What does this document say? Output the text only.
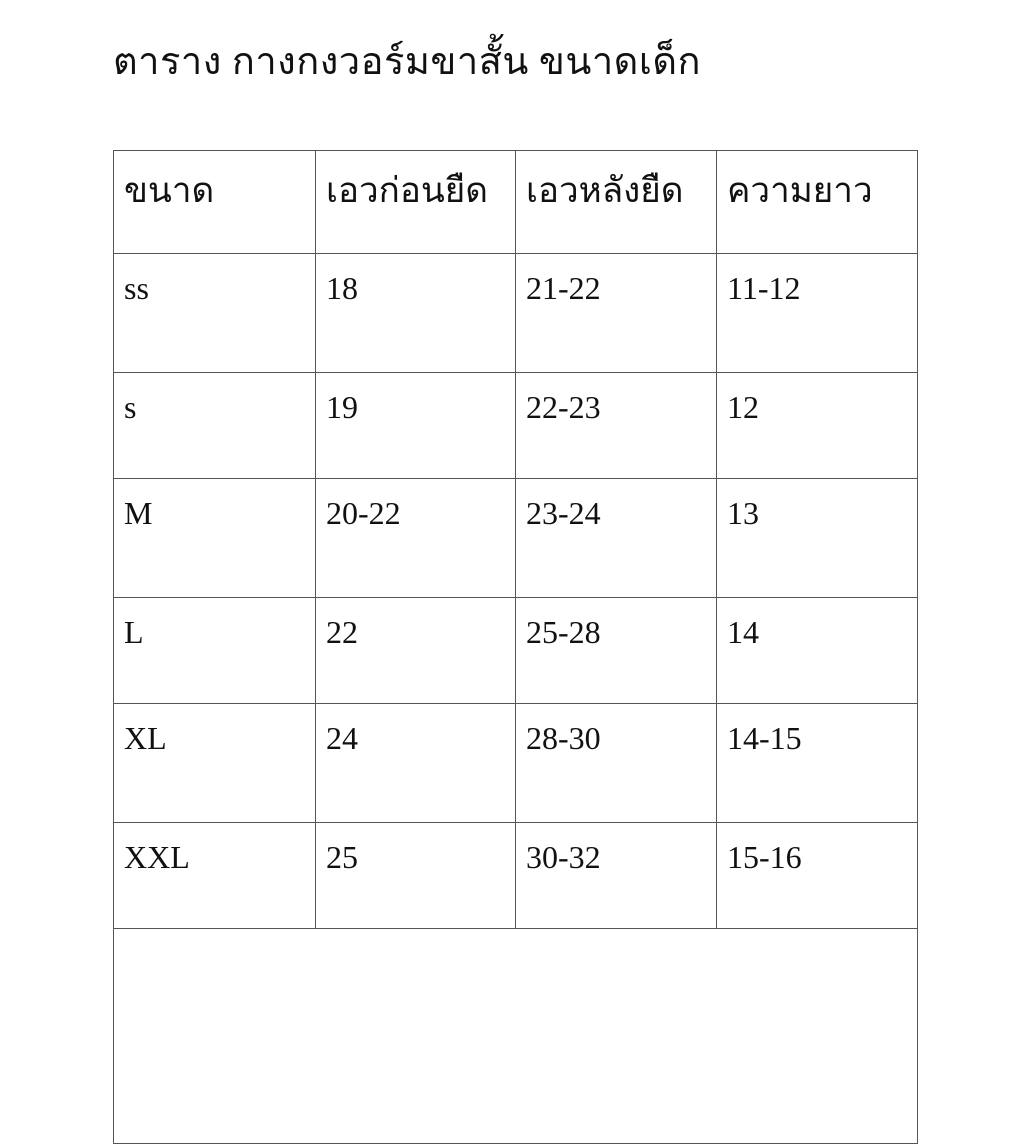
ตาราง กางกงวอร์มขาสั้น ขนาดเด็ก
ขนาด	เอวก่อนยืด	เอวหลังยืด	ความยาว
ss	18	21-22	11-12
s	19	22-23	12
M	20-22	23-24	13
L	22	25-28	14
XL	24	28-30	14-15
XXL	25	30-32	15-16
